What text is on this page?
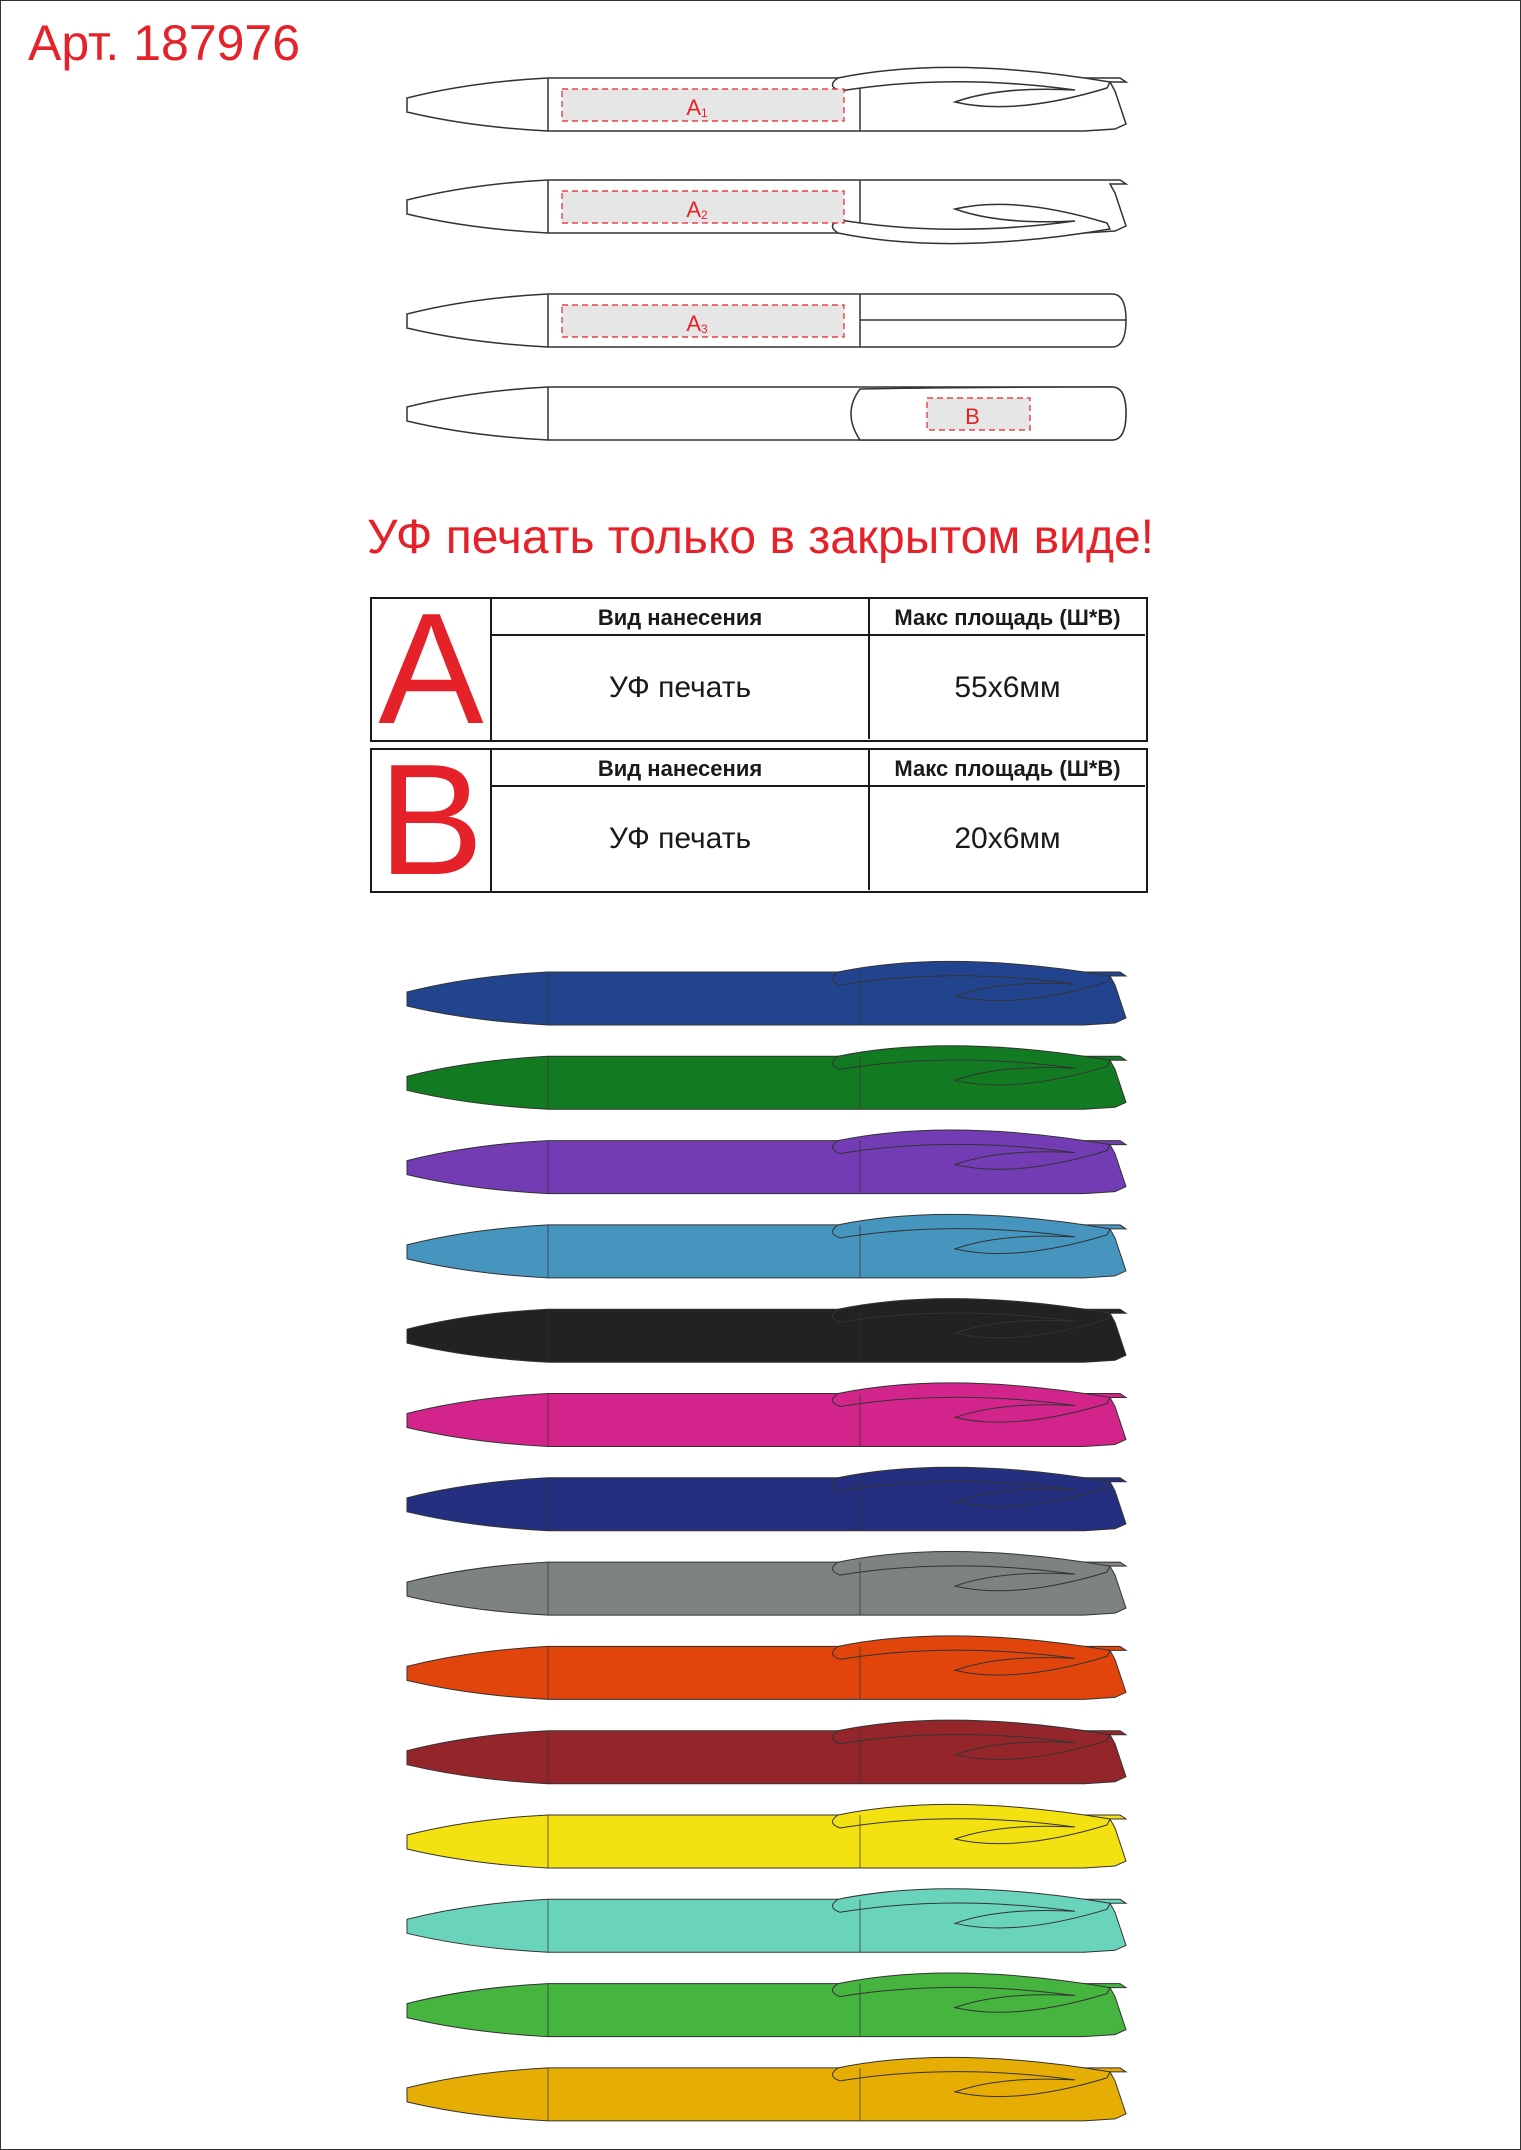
Арт. 187976
A1
A2
A3
B
УФ печать только в закрытом виде!
A	Вид нанесения	Макс площадь (Ш*В)
УФ печать	55х6мм
B	Вид нанесения	Макс площадь (Ш*В)
УФ печать	20х6мм
